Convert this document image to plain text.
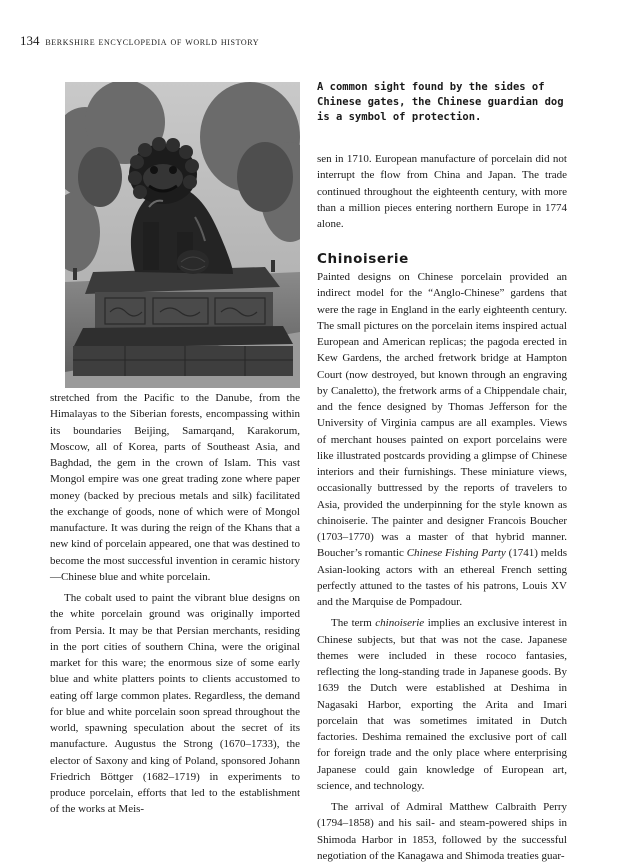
134 berkshire encyclopedia of world history
A common sight found by the sides of Chinese gates, the Chinese guardian dog is a symbol of protection.

stretched from the Pacific to the Danube, from the Himalayas to the Siberian forests, encompassing within its boundaries Beijing, Samarqand, Karakorum, Moscow, all of Korea, parts of Southeast Asia, and Baghdad, the gem in the crown of Islam. This vast Mongol empire was one great trading zone where paper money (backed by precious metals and silk) facilitated the exchange of goods, none of which were of Mongol manufacture. It was during the reign of the Khans that a new kind of porcelain appeared, one that was destined to become the most successful invention in ceramic history—Chinese blue and white porcelain.

The cobalt used to paint the vibrant blue designs on the white porcelain ground was originally imported from Persia. It may be that Persian merchants, residing in the port cities of southern China, were the original market for this ware; the enormous size of some early blue and white platters points to clients accustomed to eating off large common plates. Regardless, the demand for blue and white porcelain soon spread throughout the world, spawning speculation about the secret of its manufacture. Augustus the Strong (1670–1733), the elector of Saxony and king of Poland, sponsored Johann Friedrich Böttger (1682–1719) in experiments to produce porcelain, efforts that led to the establishment of the works at Meis-

sen in 1710. European manufacture of porcelain did not interrupt the flow from China and Japan. The trade continued throughout the eighteenth century, with more than a million pieces entering northern Europe in 1774 alone.

Chinoiserie

Painted designs on Chinese porcelain provided an indirect model for the “Anglo-Chinese” gardens that were the rage in England in the early eighteenth century. The small pictures on the porcelain items inspired actual European and American replicas; the pagoda erected in Kew Gardens, the arched fretwork bridge at Hampton Court (now destroyed, but known through an engraving by Canaletto), the fretwork arms of a Chippendale chair, and the fence designed by Thomas Jefferson for the University of Virginia campus are all examples. Views of merchant houses painted on export porcelains were like illustrated postcards providing a glimpse of Chinese interiors and their furnishings. These miniature views, occasionally buttressed by the reports of travelers to Asia, provided the underpinning for the style known as chinoiserie. The painter and designer Francois Boucher (1703–1770) was a master of that hybrid manner. Boucher’s romantic Chinese Fishing Party (1741) melds Asian-looking actors with an ethereal French setting perfectly attuned to the tastes of his patrons, Louis XV and the Marquise de Pompadour.

The term chinoiserie implies an exclusive interest in Chinese subjects, but that was not the case. Japanese themes were included in these rococo fantasies, reflecting the long-standing trade in Japanese goods. By 1639 the Dutch were established at Deshima in Nagasaki Harbor, exporting the Arita and Imari porcelain that was sometimes imitated in Dutch factories. Deshima remained the exclusive port of call for foreign trade and the only place where enterprising Japanese could gain knowledge of European art, science, and technology.

The arrival of Admiral Matthew Calbraith Perry (1794–1858) and his sail- and steam-powered ships in Shimoda Harbor in 1853, followed by the successful negotiation of the Kanagawa and Shimoda treaties guar-
